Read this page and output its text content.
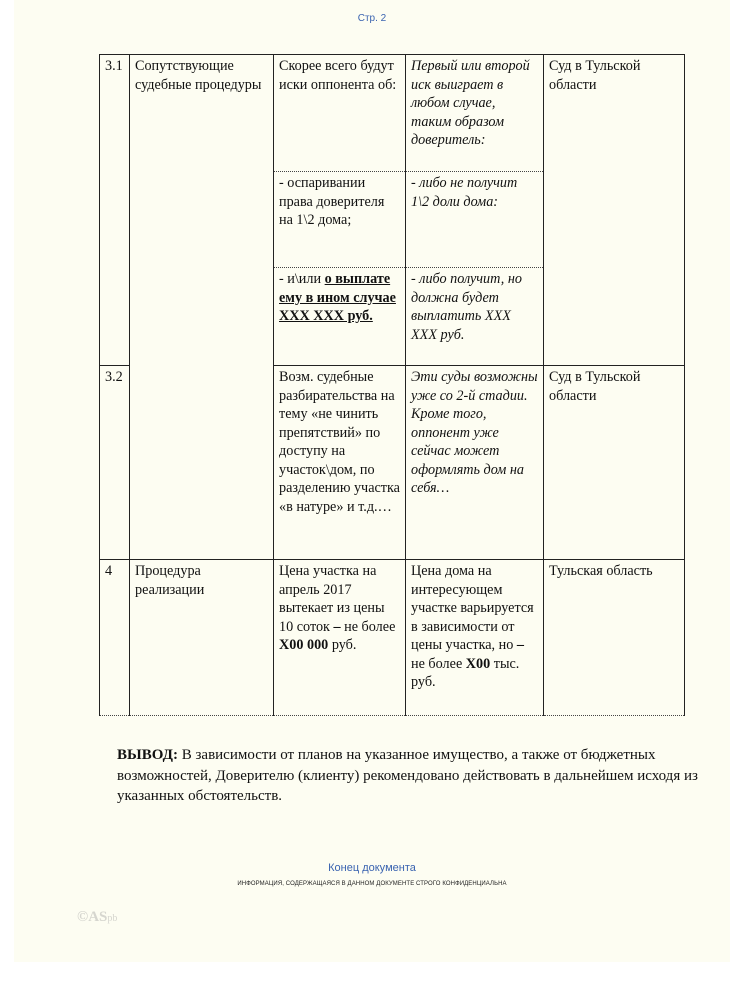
Стр. 2
3.1	Сопутствующие судебные процедуры	Скорее всего будут иски оппонента об:	Первый или второй иск выиграет в любом случае, таким образом доверитель:	Суд в Тульской области
		- оспаривании права доверителя на 1\2 дома;	- либо не получит 1\2 доли дома:	
		- и\или о выплате ему в ином случае XXX XXX руб.	- либо получит, но должна будет выплатить XXX XXX руб.	
3.2		Возм. судебные разбирательства на тему «не чинить препятствий» по доступу на участок\дом, по разделению участка «в натуре» и т.д.…	Эти суды возможны уже со 2-й стадии. Кроме того, оппонент уже сейчас может оформлять дом на себя…	Суд в Тульской области
4	Процедура реализации	Цена участка на апрель 2017 вытекает из цены 10 соток – не более X00 000 руб.	Цена дома на интересующем участке варьируется в зависимости от цены участка, но – не более X00 тыс. руб.	Тульская область
ВЫВОД: В зависимости от планов на указанное имущество, а также от бюджетных возможностей, Доверителю (клиенту) рекомендовано действовать в дальнейшем исходя из указанных обстоятельств.
Конец документа
ИНФОРМАЦИЯ, СОДЕРЖАЩАЯСЯ В ДАННОМ ДОКУМЕНТЕ СТРОГО КОНФИДЕНЦИАЛЬНА
©ASpb
